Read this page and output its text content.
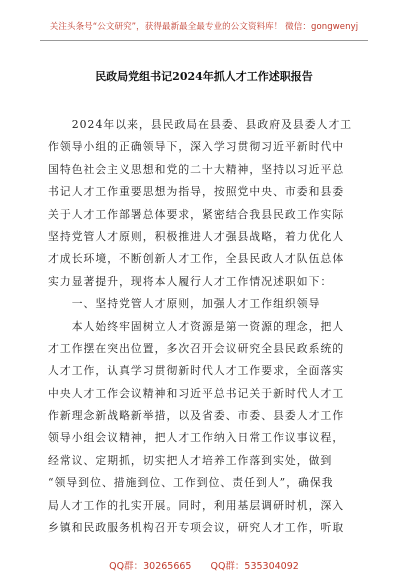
关注头条号“公文研究”，获得最新最全最专业的公文资料库！ 微信：gongwenyj
民政局党组书记2024年抓人才工作述职报告
　　2024年以来，县民政局在县委、县政府及县委人才工
作领导小组的正确领导下，深入学习贯彻习近平新时代中
国特色社会主义思想和党的二十大精神，坚持以习近平总
书记人才工作重要思想为指导，按照党中央、市委和县委
关于人才工作部署总体要求，紧密结合我县民政工作实际
坚持党管人才原则，积极推进人才强县战略，着力优化人
才成长环境，不断创新人才工作，全县民政人才队伍总体
实力显著提升，现将本人履行人才工作情况述职如下：
　　一、坚持党管人才原则，加强人才工作组织领导
　　本人始终牢固树立人才资源是第一资源的理念，把人
才工作摆在突出位置，多次召开会议研究全县民政系统的
人才工作，认真学习贯彻新时代人才工作要求，全面落实
中央人才工作会议精神和习近平总书记关于新时代人才工
作新理念新战略新举措，以及省委、市委、县委人才工作
领导小组会议精神，把人才工作纳入日常工作议事议程，
经常议、定期抓，切实把人才培养工作落到实处，做到
“领导到位、措施到位、工作到位、责任到人”，确保我
局人才工作的扎实开展。同时，利用基层调研时机，深入
乡镇和民政服务机构召开专项会议，研究人才工作，听取
QQ群：30265665　　QQ群：535304092
